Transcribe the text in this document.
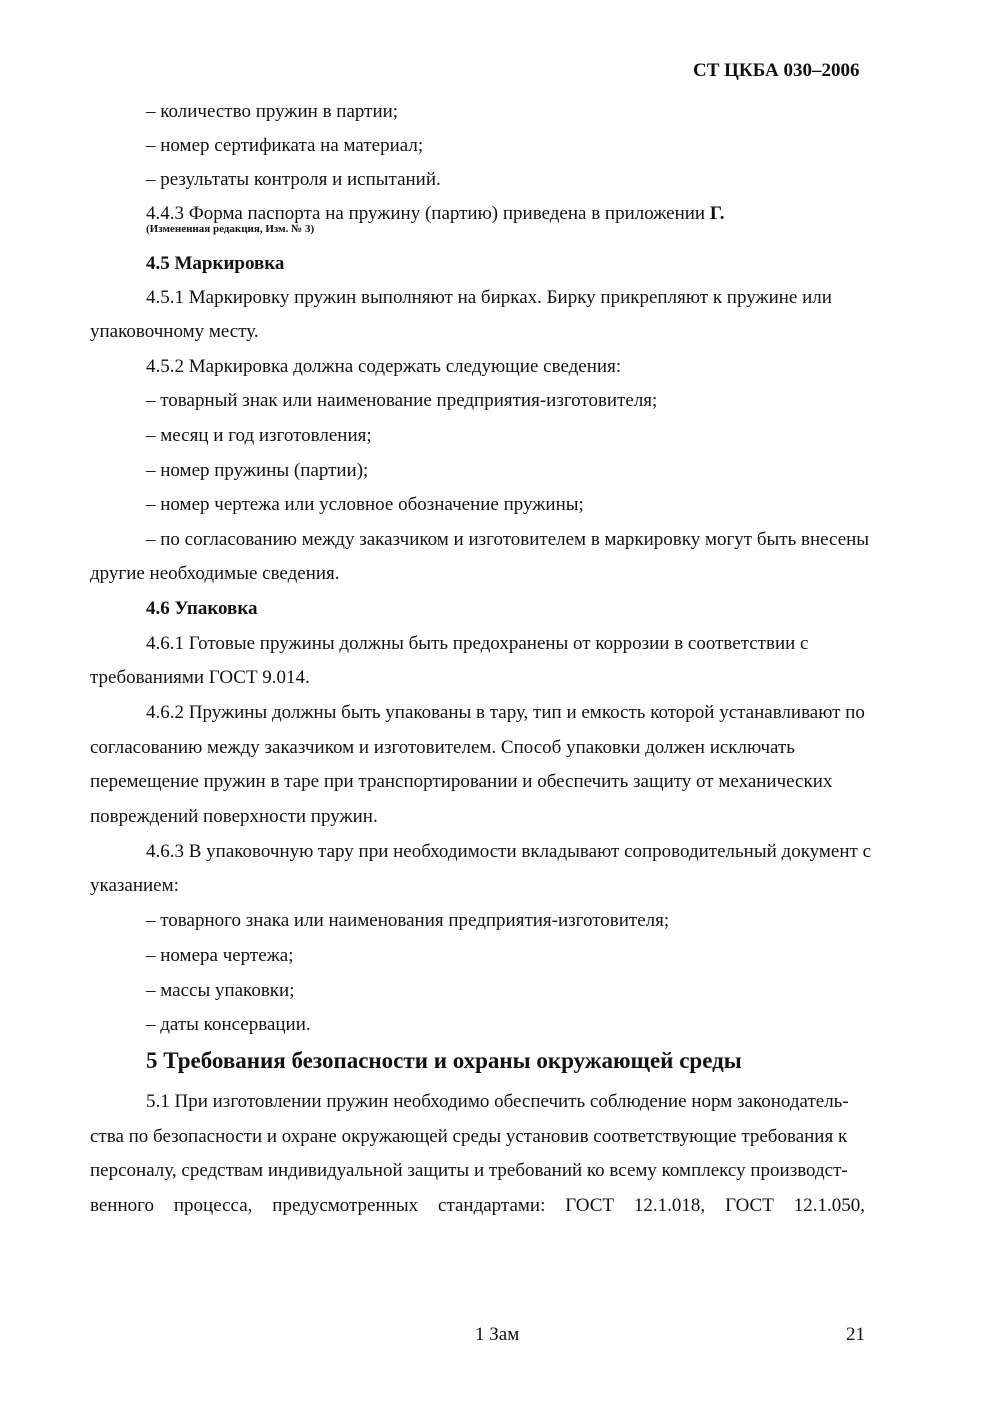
СТ ЦКБА 030–2006
– количество пружин в партии;
– номер сертификата на материал;
– результаты контроля и испытаний.
4.4.3 Форма паспорта на пружину (партию) приведена в приложении Г.
(Измененная редакция, Изм. № 3)
4.5 Маркировка
4.5.1 Маркировку пружин выполняют на бирках. Бирку прикрепляют к пружине или
упаковочному месту.
4.5.2 Маркировка должна содержать следующие сведения:
– товарный знак или наименование предприятия-изготовителя;
– месяц и год изготовления;
– номер пружины (партии);
– номер чертежа или условное обозначение пружины;
– по согласованию между заказчиком и изготовителем в маркировку могут быть внесены
другие необходимые сведения.
4.6 Упаковка
4.6.1 Готовые пружины должны быть предохранены от коррозии в соответствии с
требованиями ГОСТ 9.014.
4.6.2 Пружины должны быть упакованы в тару, тип и емкость которой устанавливают по
согласованию между заказчиком и изготовителем. Способ упаковки должен исключать
перемещение пружин в таре при транспортировании и обеспечить защиту от механических
повреждений поверхности пружин.
4.6.3 В упаковочную тару при необходимости вкладывают сопроводительный документ с
указанием:
– товарного знака или наименования предприятия-изготовителя;
– номера чертежа;
– массы упаковки;
– даты консервации.
5 Требования безопасности и охраны окружающей среды
5.1 При изготовлении пружин необходимо обеспечить соблюдение норм законодатель-
ства по безопасности и охране окружающей среды установив соответствующие требования к
персоналу, средствам индивидуальной защиты и требований ко всему комплексу производст-
венного процесса, предусмотренных стандартами: ГОСТ 12.1.018, ГОСТ 12.1.050,
1 Зам	21
